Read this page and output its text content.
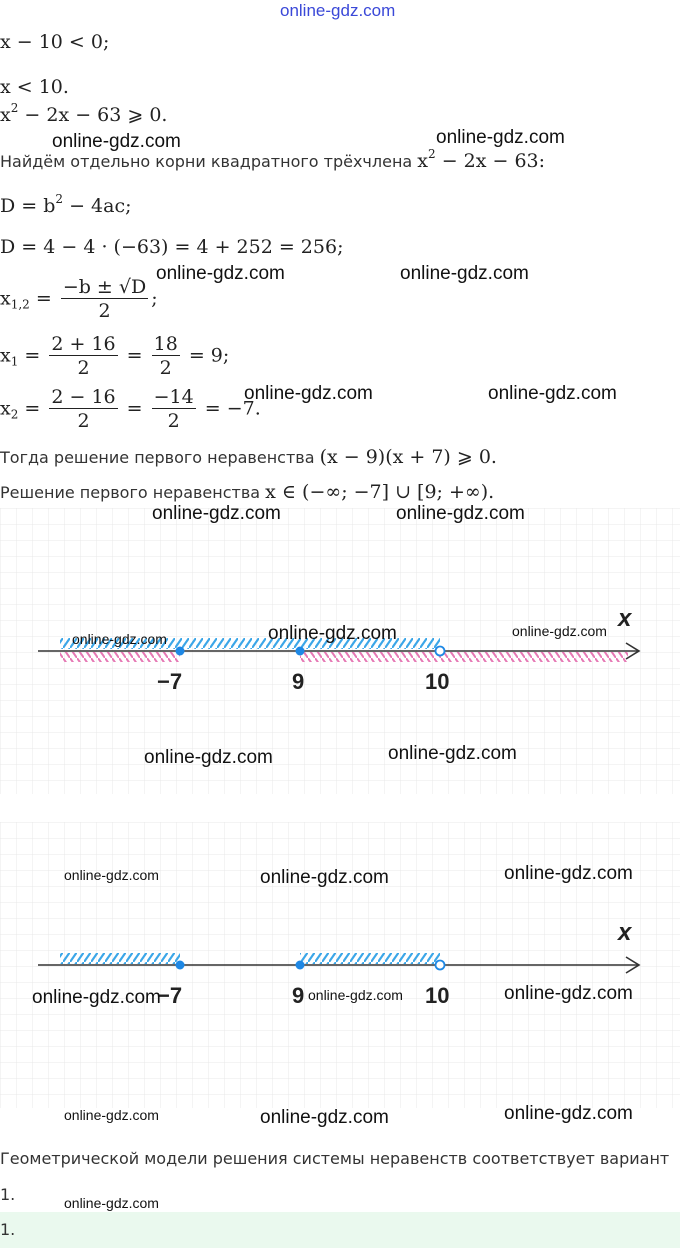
online-gdz.com
x − 10 < 0;
x < 10.
$x^2 - 2x - 63$ ⩾ 0.
Найдём отдельно корни квадратного трёхчлена $x^2 - 2x - 63$:
$D = b^2 - 4ac$;
D = 4 − 4 · (−63) = 4 + 252 = 256;
$x_{1,2} = \frac{-b \pm √D}{2}$ ;
$x_1 = \frac{2 + 16}{2} = \frac{18}{2} = 9$;
$x_2 = \frac{2 - 16}{2} = \frac{-14}{2} = -7$.
Тогда решение первого неравенства (x − 9)(x + 7) ⩾ 0.
Решение первого неравенства x ∈ (−∞; −7] ∪ [9; +∞).
x
−7	9	10
x
−7	9	10
Геометрической модели решения системы неравенств соответствует вариант
1.
1.
online-gdz.com	online-gdz.com
online-gdz.com	online-gdz.com
online-gdz.com	online-gdz.com
online-gdz.com	online-gdz.com
online-gdz.com	online-gdz.com	online-gdz.com
online-gdz.com	online-gdz.com
online-gdz.com	online-gdz.com	online-gdz.com
online-gdz.com	online-gdz.com	online-gdz.com
online-gdz.com	online-gdz.com	online-gdz.com
online-gdz.com
